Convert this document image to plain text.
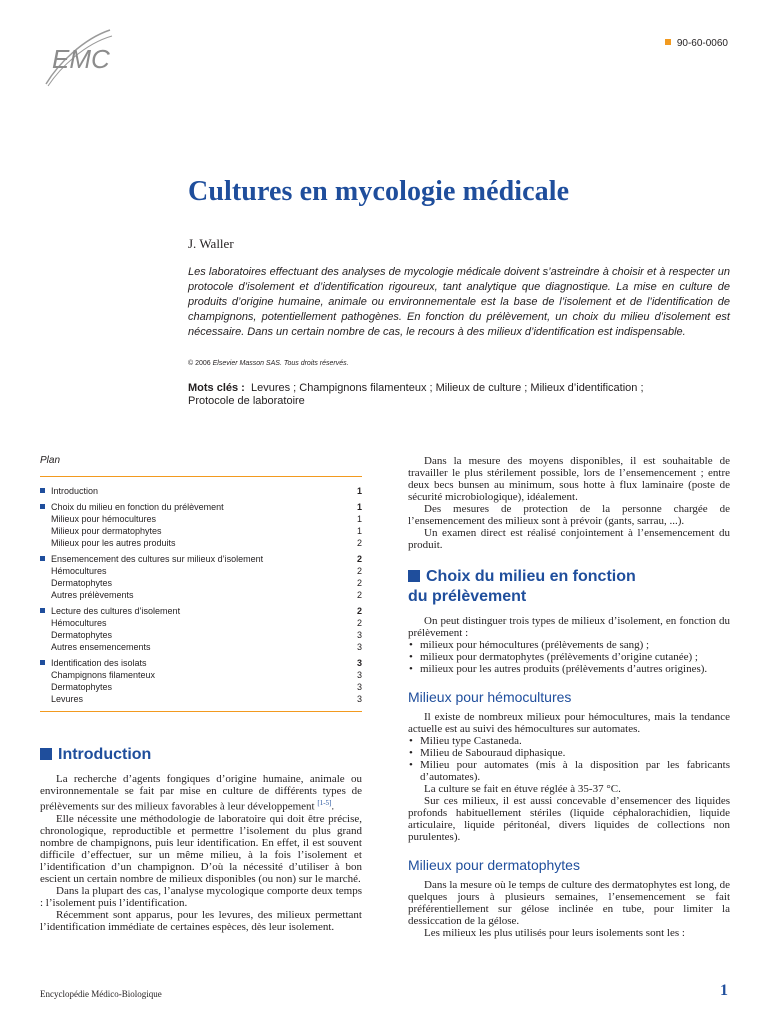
EMC
90-60-0060
Cultures en mycologie médicale
J. Waller
Les laboratoires effectuant des analyses de mycologie médicale doivent s’astreindre à choisir et à respecter un protocole d’isolement et d’identification rigoureux, tant analytique que diagnostique. La mise en culture de produits d’origine humaine, animale ou environnementale est la base de l’isolement et de l’identification de champignons, potentiellement pathogènes. En fonction du prélèvement, un choix du milieu d’isolement est nécessaire. Dans un certain nombre de cas, le recours à des milieux d’identification est indispensable.
© 2006 Elsevier Masson SAS. Tous droits réservés.
Mots clés : Levures ; Champignons filamenteux ; Milieux de culture ; Milieux d’identification ;
Protocole de laboratoire
Plan
Introduction	1
Choix du milieu en fonction du prélèvement	1
Milieux pour hémocultures	1
Milieux pour dermatophytes	1
Milieux pour les autres produits	2
Ensemencement des cultures sur milieux d’isolement	2
Hémocultures	2
Dermatophytes	2
Autres prélèvements	2
Lecture des cultures d’isolement	2
Hémocultures	2
Dermatophytes	3
Autres ensemencements	3
Identification des isolats	3
Champignons filamenteux	3
Dermatophytes	3
Levures	3
Introduction

La recherche d’agents fongiques d’origine humaine, animale ou environnementale se fait par mise en culture de différents types de prélèvements sur des milieux favorables à leur développement [1-5].

Elle nécessite une méthodologie de laboratoire qui doit être précise, chronologique, reproductible et permettre l’isolement du plus grand nombre de champignons, puis leur identification. En effet, il est souvent difficile d’effectuer, sur un même milieu, à la fois l’isolement et l’identification d’un champignon. D’où la nécessité d’utiliser à bon escient un certain nombre de milieux disponibles (ou non) sur le marché.

Dans la plupart des cas, l’analyse mycologique comporte deux temps : l’isolement puis l’identification.

Récemment sont apparus, pour les levures, des milieux permettant l’identification immédiate de certaines espèces, dès leur isolement.

Dans la mesure des moyens disponibles, il est souhaitable de travailler le plus stérilement possible, lors de l’ensemencement ; entre deux becs bunsen au minimum, sous hotte à flux laminaire (poste de sécurité microbiologique), idéalement.

Des mesures de protection de la personne chargée de l’ensemencement des milieux sont à prévoir (gants, sarrau, ...).

Un examen direct est réalisé conjointement à l’ensemencement du produit.

Choix du milieu en fonction
du prélèvement

On peut distinguer trois types de milieux d’isolement, en fonction du prélèvement :

• milieux pour hémocultures (prélèvements de sang) ;
• milieux pour dermatophytes (prélèvements d’origine cutanée) ;
• milieux pour les autres produits (prélèvements d’autres origines).
Milieux pour hémocultures

Il existe de nombreux milieux pour hémocultures, mais la tendance actuelle est au suivi des hémocultures sur automates.

• Milieu type Castaneda.
• Milieu de Sabouraud diphasique.
• Milieu pour automates (mis à la disposition par les fabricants d’automates).

La culture se fait en étuve réglée à 35-37 °C.

Sur ces milieux, il est aussi concevable d’ensemencer des liquides profonds habituellement stériles (liquide céphalorachidien, liquide articulaire, liquide péritonéal, divers liquides de collections non purulentes).

Milieux pour dermatophytes

Dans la mesure où le temps de culture des dermatophytes est long, de quelques jours à plusieurs semaines, l’ensemencement se fait préférentiellement sur gélose inclinée en tube, pour limiter la dessiccation de la gélose.

Les milieux les plus utilisés pour leurs isolements sont les :

Encyclopédie Médico-Biologique	1
